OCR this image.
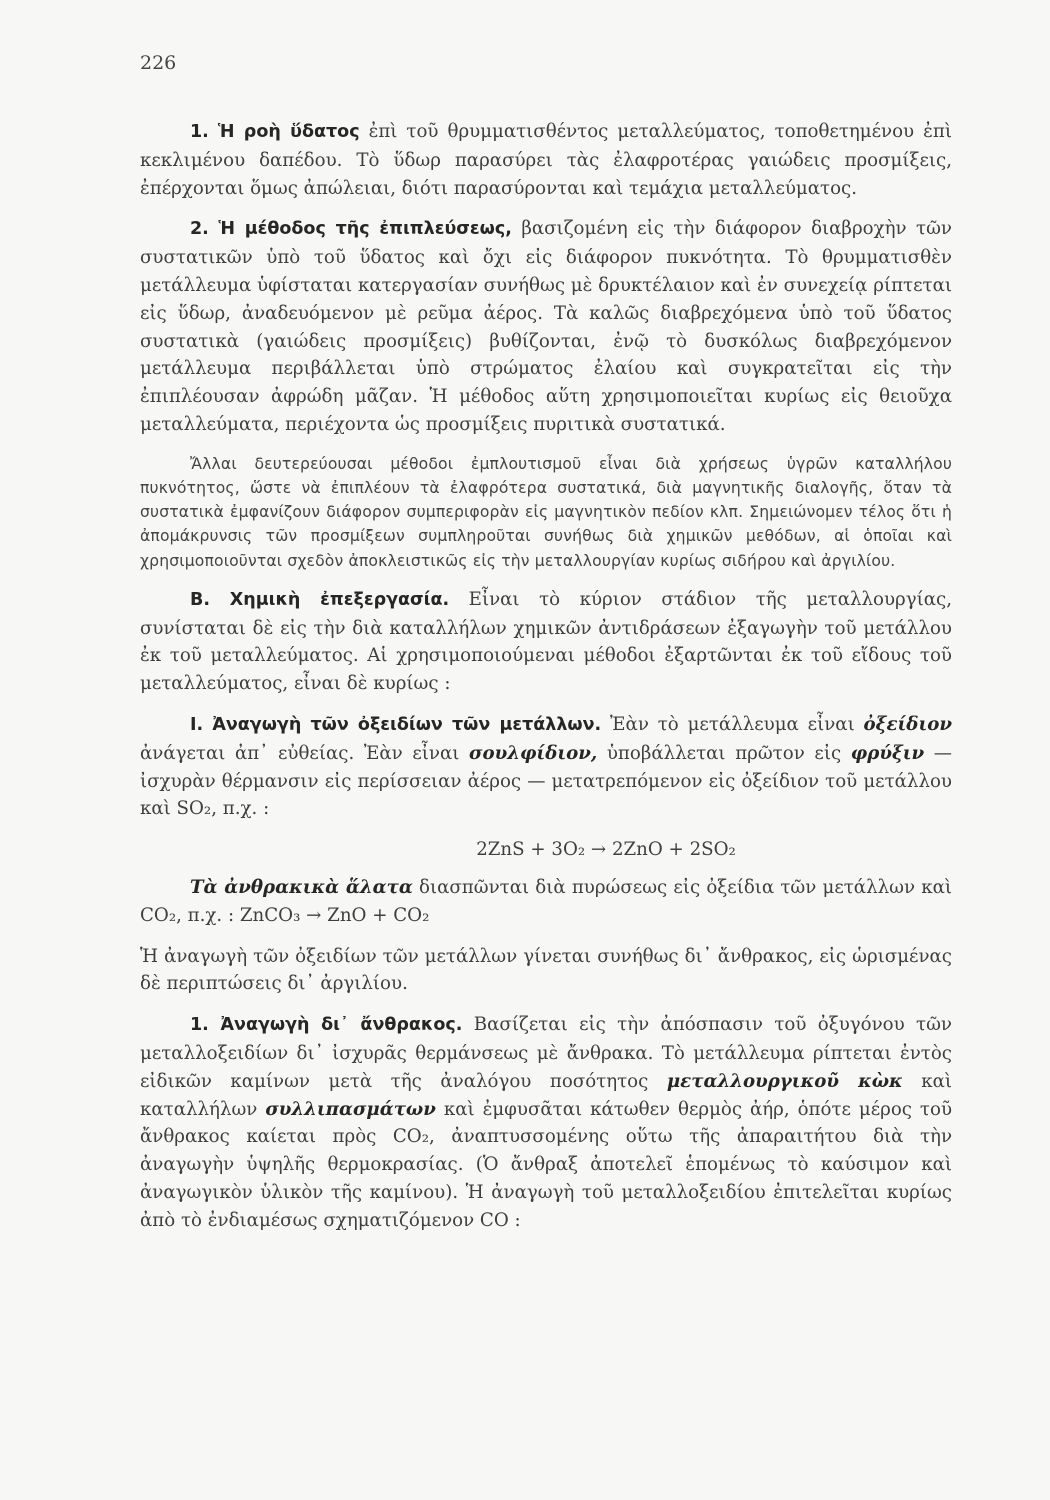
226

1. Ἡ ροὴ ὕδατος ἐπὶ τοῦ θρυμματισθέντος μεταλλεύματος, τοποθετημένου ἐπὶ κεκλιμένου δαπέδου. Τὸ ὕδωρ παρασύρει τὰς ἐλαφροτέρας γαιώδεις προσμίξεις, ἐπέρχονται ὅμως ἀπώλειαι, διότι παρασύρονται καὶ τεμάχια μεταλλεύματος.

2. Ἡ μέθοδος τῆς ἐπιπλεύσεως, βασιζομένη εἰς τὴν διάφορον διαβροχὴν τῶν συστατικῶν ὑπὸ τοῦ ὕδατος καὶ ὄχι εἰς διάφορον πυκνότητα. Τὸ θρυμματισθὲν μετάλλευμα ὑφίσταται κατεργασίαν συνήθως μὲ δρυκτέλαιον καὶ ἐν συνεχείᾳ ρίπτεται εἰς ὕδωρ, ἀναδευόμενον μὲ ρεῦμα ἀέρος. Τὰ καλῶς διαβρεχόμενα ὑπὸ τοῦ ὕδατος συστατικὰ (γαιώδεις προσμίξεις) βυθίζονται, ἐνῷ τὸ δυσκόλως διαβρεχόμενον μετάλλευμα περιβάλλεται ὑπὸ στρώματος ἐλαίου καὶ συγκρατεῖται εἰς τὴν ἐπιπλέουσαν ἀφρώδη μᾶζαν. Ἡ μέθοδος αὕτη χρησιμοποιεῖται κυρίως εἰς θειοῦχα μεταλλεύματα, περιέχοντα ὡς προσμίξεις πυριτικὰ συστατικά.

Ἄλλαι δευτερεύουσαι μέθοδοι ἐμπλουτισμοῦ εἶναι διὰ χρήσεως ὑγρῶν καταλλήλου πυκνότητος, ὥστε νὰ ἐπιπλέουν τὰ ἐλαφρότερα συστατικά, διὰ μαγνητικῆς διαλογῆς, ὅταν τὰ συστατικὰ ἐμφανίζουν διάφορον συμπεριφορὰν εἰς μαγνητικὸν πεδίον κλπ. Σημειώνομεν τέλος ὅτι ἡ ἀπομάκρυνσις τῶν προσμίξεων συμπληροῦται συνήθως διὰ χημικῶν μεθόδων, αἱ ὁποῖαι καὶ χρησιμοποιοῦνται σχεδὸν ἀποκλειστικῶς εἰς τὴν μεταλλουργίαν κυρίως σιδήρου καὶ ἀργιλίου.

Β. Χημικὴ ἐπεξεργασία. Εἶναι τὸ κύριον στάδιον τῆς μεταλλουργίας, συνίσταται δὲ εἰς τὴν διὰ καταλλήλων χημικῶν ἀντιδράσεων ἐξαγωγὴν τοῦ μετάλλου ἐκ τοῦ μεταλλεύματος. Αἱ χρησιμοποιούμεναι μέθοδοι ἐξαρτῶνται ἐκ τοῦ εἴδους τοῦ μεταλλεύματος, εἶναι δὲ κυρίως :

Ι. Ἀναγωγὴ τῶν ὀξειδίων τῶν μετάλλων. Ἐὰν τὸ μετάλλευμα εἶναι ὀξείδιον ἀνάγεται ἀπ᾽ εὐθείας. Ἐὰν εἶναι σουλφίδιον, ὑποβάλλεται πρῶτον εἰς φρύξιν — ἰσχυρὰν θέρμανσιν εἰς περίσσειαν ἀέρος — μετατρεπόμενον εἰς ὀξείδιον τοῦ μετάλλου καὶ SO₂, π.χ. :

2ZnS + 3O₂ → 2ZnO + 2SO₂

Τὰ ἀνθρακικὰ ἅλατα διασπῶνται διὰ πυρώσεως εἰς ὀξείδια τῶν μετάλλων καὶ CO₂, π.χ. : ZnCO₃ → ZnO + CO₂

Ἡ ἀναγωγὴ τῶν ὀξειδίων τῶν μετάλλων γίνεται συνήθως δι᾽ ἄνθρακος, εἰς ὡρισμένας δὲ περιπτώσεις δι᾽ ἀργιλίου.

1. Ἀναγωγὴ δι᾽ ἄνθρακος. Βασίζεται εἰς τὴν ἀπόσπασιν τοῦ ὀξυγόνου τῶν μεταλλοξειδίων δι᾽ ἰσχυρᾶς θερμάνσεως μὲ ἄνθρακα. Τὸ μετάλλευμα ρίπτεται ἐντὸς εἰδικῶν καμίνων μετὰ τῆς ἀναλόγου ποσότητος μεταλλουργικοῦ κὼκ καὶ καταλλήλων συλλιπασμάτων καὶ ἐμφυσᾶται κάτωθεν θερμὸς ἀήρ, ὁπότε μέρος τοῦ ἄνθρακος καίεται πρὸς CO₂, ἀναπτυσσομένης οὕτω τῆς ἀπαραιτήτου διὰ τὴν ἀναγωγὴν ὑψηλῆς θερμοκρασίας. (Ὁ ἄνθραξ ἀποτελεῖ ἑπομένως τὸ καύσιμον καὶ ἀναγωγικὸν ὑλικὸν τῆς καμίνου). Ἡ ἀναγωγὴ τοῦ μεταλλοξειδίου ἐπιτελεῖται κυρίως ἀπὸ τὸ ἐνδιαμέσως σχηματιζόμενον CO :
